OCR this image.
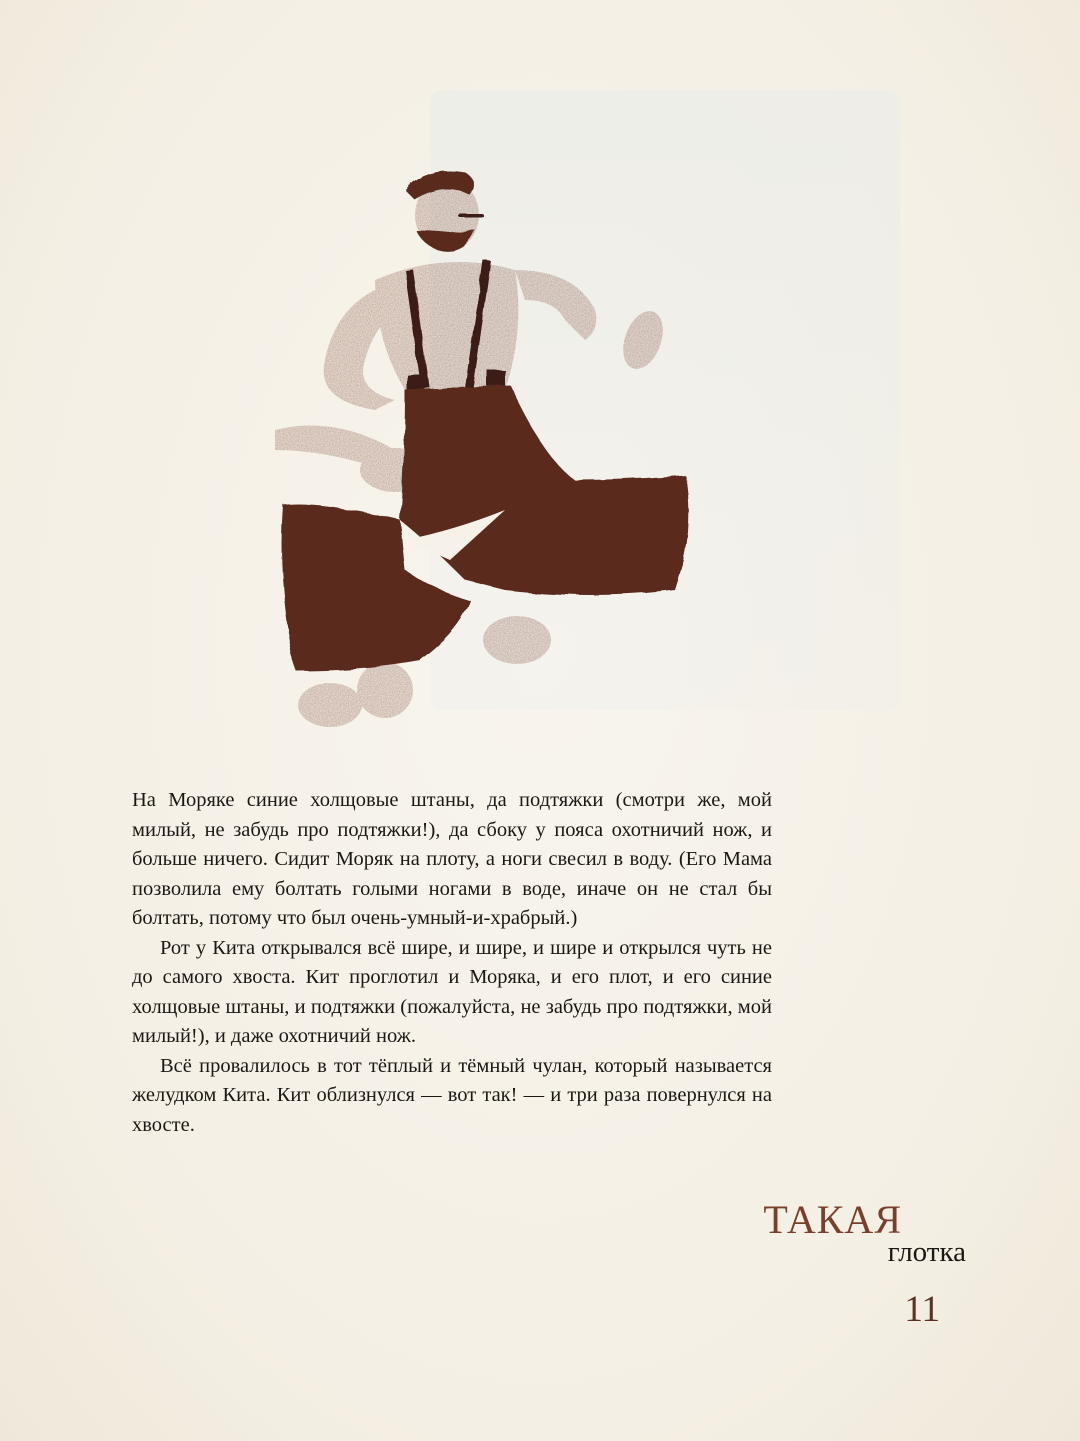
На Моряке синие холщовые штаны, да подтяжки (смотри же, мой милый, не забудь про подтяжки!), да сбоку у пояса охотничий нож, и больше ничего. Сидит Моряк на плоту, а ноги свесил в воду. (Его Мама позволила ему болтать голыми ногами в воде, иначе он не стал бы болтать, потому что был очень-умный-и-храбрый.)

Рот у Кита открывался всё шире, и шире, и шире и открылся чуть не до самого хвоста. Кит проглотил и Моряка, и его плот, и его синие холщовые штаны, и подтяжки (пожалуйста, не забудь про подтяжки, мой милый!), и даже охотничий нож.

Всё провалилось в тот тёплый и тёмный чулан, который называется желудком Кита. Кит облизнулся — вот так! — и три раза повернулся на хвосте.

ТАКАЯ
глотка
11
